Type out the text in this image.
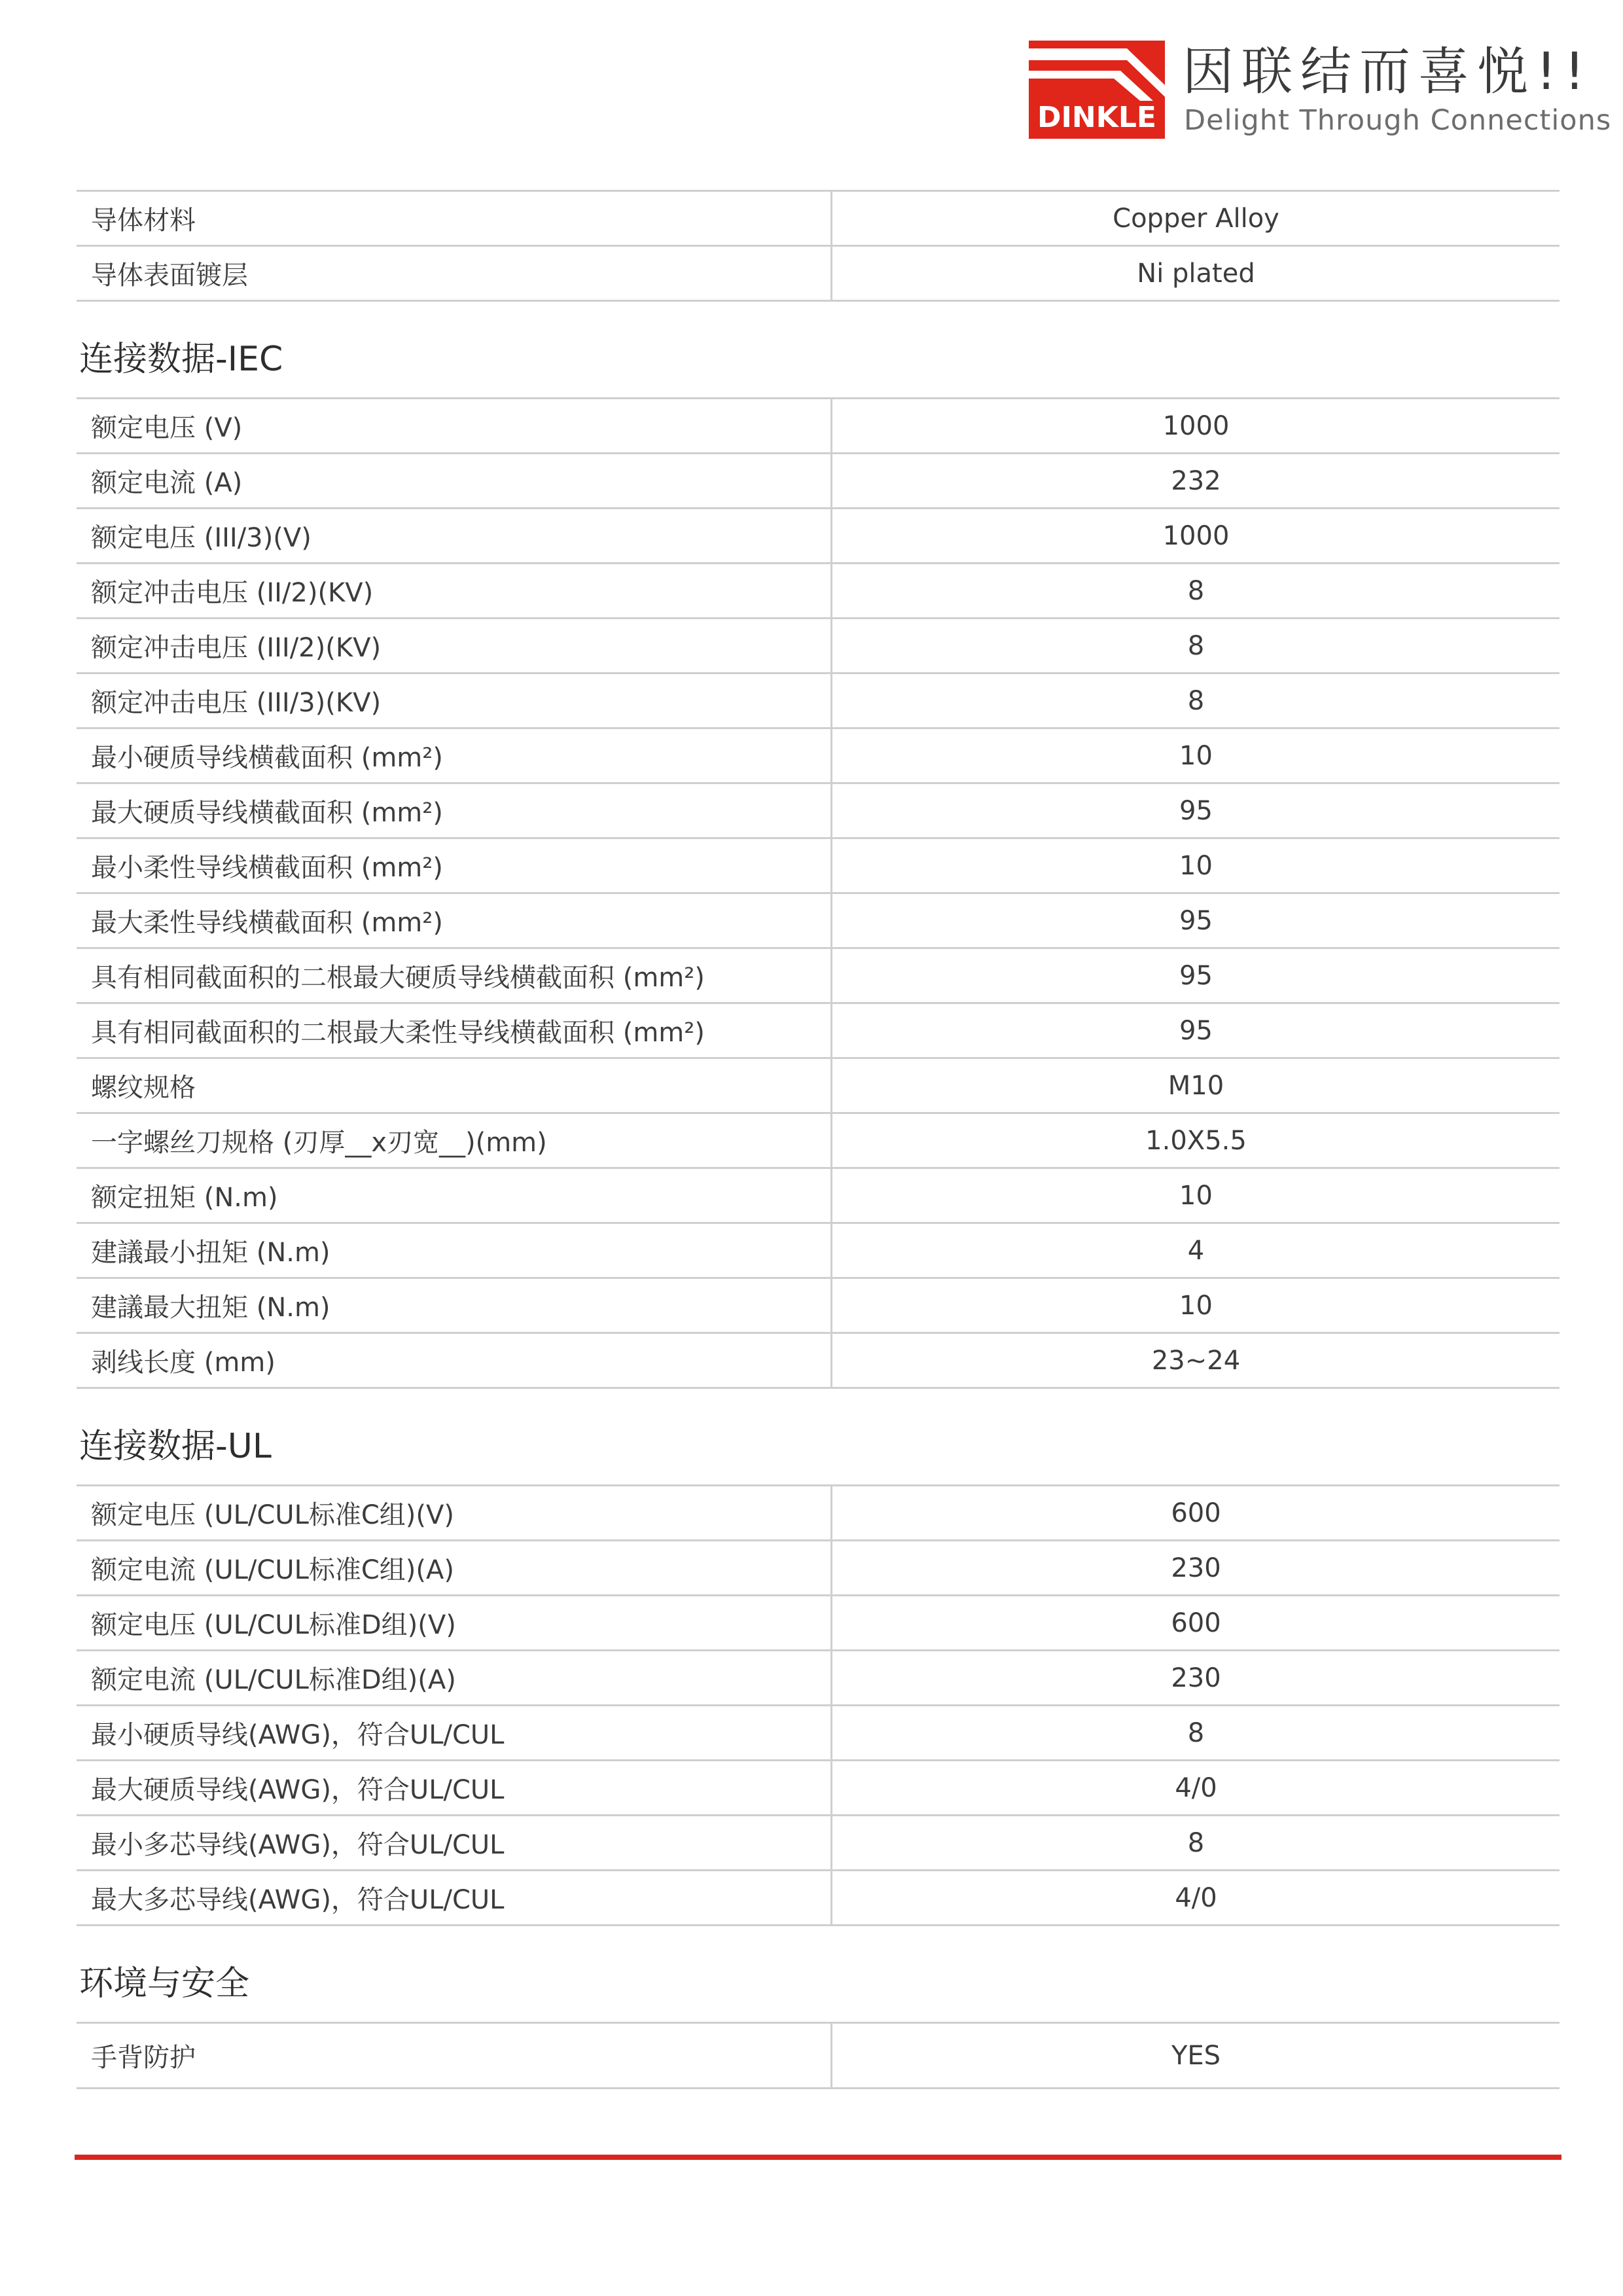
DINKLE
因联结而喜悦!!
Delight Through Connections
导体材料	Copper Alloy
导体表面镀层	Ni plated
连接数据-IEC
额定电压 (V)	1000
额定电流 (A)	232
额定电压 (III/3)(V)	1000
额定冲击电压 (II/2)(KV)	8
额定冲击电压 (III/2)(KV)	8
额定冲击电压 (III/3)(KV)	8
最小硬质导线横截面积 (mm²)	10
最大硬质导线横截面积 (mm²)	95
最小柔性导线横截面积 (mm²)	10
最大柔性导线横截面积 (mm²)	95
具有相同截面积的二根最大硬质导线横截面积 (mm²)	95
具有相同截面积的二根最大柔性导线横截面积 (mm²)	95
螺纹规格	M10
一字螺丝刀规格 (刃厚__x刃宽__)(mm)	1.0X5.5
额定扭矩 (N.m)	10
建議最小扭矩 (N.m)	4
建議最大扭矩 (N.m)	10
剥线长度 (mm)	23~24
连接数据-UL
额定电压 (UL/CUL标准C组)(V)	600
额定电流 (UL/CUL标准C组)(A)	230
额定电压 (UL/CUL标准D组)(V)	600
额定电流 (UL/CUL标准D组)(A)	230
最小硬质导线(AWG)，符合UL/CUL	8
最大硬质导线(AWG)，符合UL/CUL	4/0
最小多芯导线(AWG)，符合UL/CUL	8
最大多芯导线(AWG)，符合UL/CUL	4/0
环境与安全
手背防护	YES
